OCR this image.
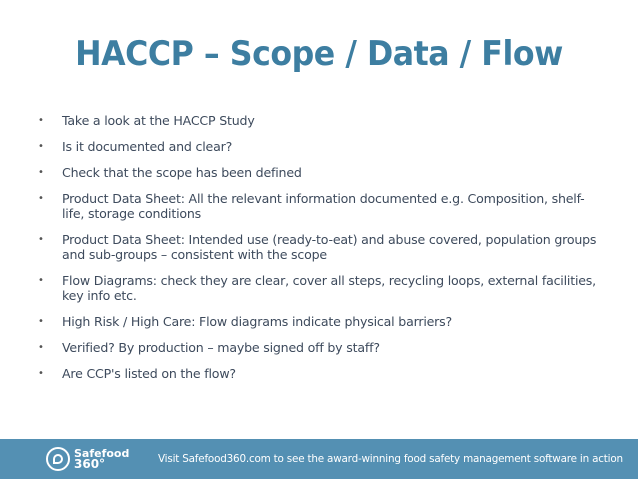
HACCP – Scope / Data / Flow
• Take a look at the HACCP Study
• Is it documented and clear?
• Check that the scope has been defined
• Product Data Sheet: All the relevant information documented e.g. Composition, shelf-life, storage conditions
• Product Data Sheet: Intended use (ready-to-eat) and abuse covered, population groups and sub-groups – consistent with the scope
• Flow Diagrams: check they are clear, cover all steps, recycling loops, external facilities, key info etc.
• High Risk / High Care: Flow diagrams indicate physical barriers?
• Verified? By production – maybe signed off by staff?
• Are CCP's listed on the flow?
Safefood
360°	Visit Safefood360.com to see the award-winning food safety management software in action
